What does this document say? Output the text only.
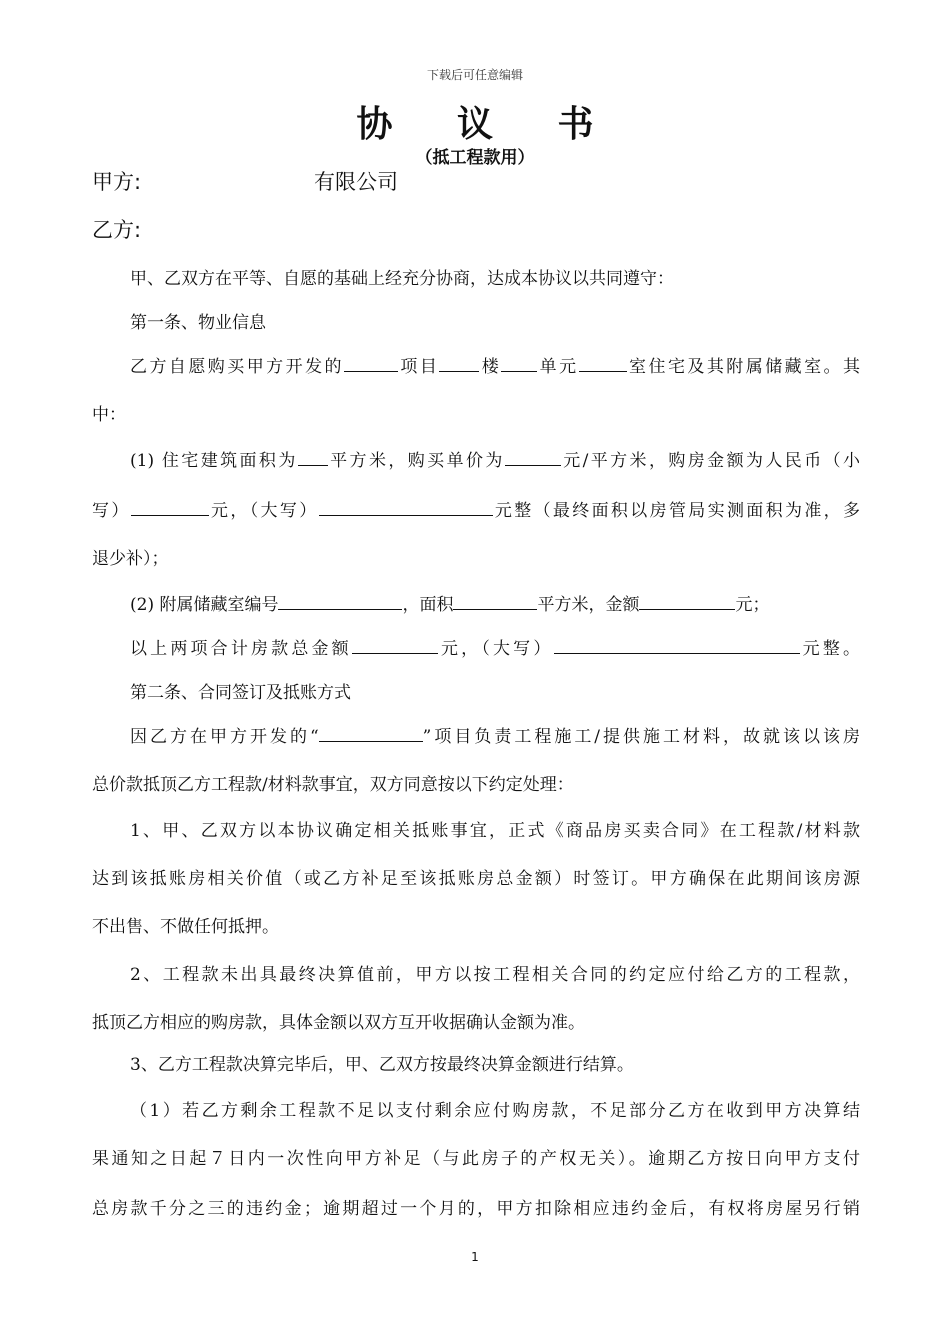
下载后可任意编辑
协 议 书
（抵工程款用）
甲方:	有限公司
乙方:
甲、乙双方在平等、自愿的基础上经充分协商，达成本协议以共同遵守：
第一条、物业信息
乙方自愿购买甲方开发的	项目 楼 单元	室住宅及其附属储藏室。其
中：
(1) 住宅建筑面积为 平方米，购买单价为	元/平方米，购房金额为人民币（小
写）	元，（大写）	元整（最终面积以房管局实测面积为准，多
退少补）；
(2) 附属储藏室编号	，面积	平方米，金额	元；
以上两项合计房款总金额	元，（大写）	元整。
第二条、合同签订及抵账方式
因乙方在甲方开发的“	”项目负责工程施工/提供施工材料，故就该以该房
总价款抵顶乙方工程款/材料款事宜，双方同意按以下约定处理：
1、甲、乙双方以本协议确定相关抵账事宜，正式《商品房买卖合同》在工程款/材料款
达到该抵账房相关价值（或乙方补足至该抵账房总金额）时签订。甲方确保在此期间该房源
不出售、不做任何抵押。
2、工程款未出具最终决算值前，甲方以按工程相关合同的约定应付给乙方的工程款，
抵顶乙方相应的购房款，具体金额以双方互开收据确认金额为准。
3、乙方工程款决算完毕后，甲、乙双方按最终决算金额进行结算。
（1）若乙方剩余工程款不足以支付剩余应付购房款，不足部分乙方在收到甲方决算结
果通知之日起７日内一次性向甲方补足（与此房子的产权无关）。逾期乙方按日向甲方支付
总房款千分之三的违约金；逾期超过一个月的，甲方扣除相应违约金后，有权将房屋另行销
1
